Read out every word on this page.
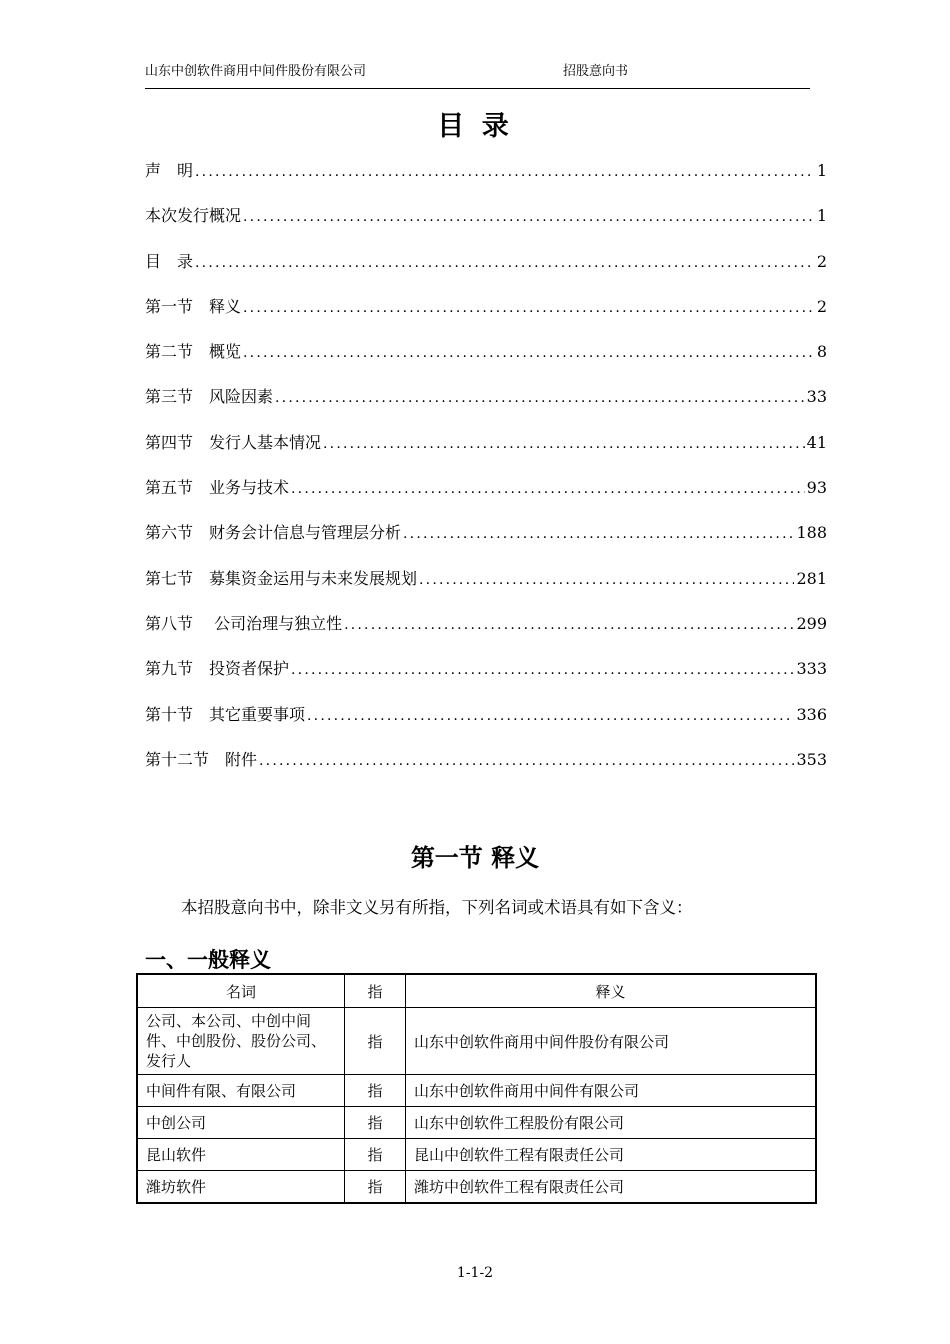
山东中创软件商用中间件股份有限公司	招股意向书
目 录
声　明 .....	1
本次发行概况 .....	1
目　录 .....	2
第一节　释义 .....	2
第二节　概览 .....	8
第三节　风险因素 .....	33
第四节　发行人基本情况 .....	41
第五节　业务与技术 .....	93
第六节　财务会计信息与管理层分析 .....	188
第七节　募集资金运用与未来发展规划 .....	281
第八节　 公司治理与独立性 .....	299
第九节　投资者保护 .....	333
第十节　其它重要事项 .....	336
第十二节　附件 .....	353
第一节 释义
本招股意向书中，除非文义另有所指，下列名词或术语具有如下含义：
一、一般释义
名词	指	释义
公司、本公司、中创中间件、中创股份、股份公司、发行人	指	山东中创软件商用中间件股份有限公司
中间件有限、有限公司	指	山东中创软件商用中间件有限公司
中创公司	指	山东中创软件工程股份有限公司
昆山软件	指	昆山中创软件工程有限责任公司
潍坊软件	指	潍坊中创软件工程有限责任公司
1-1-2
